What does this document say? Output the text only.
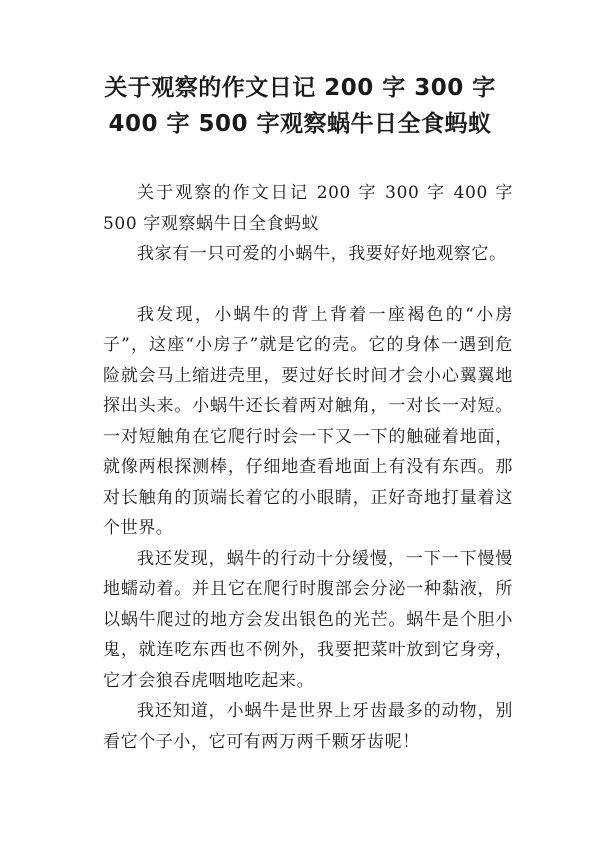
关于观察的作文日记 200 字 300 字
400 字 500 字观察蜗牛日全食蚂蚁

关于观察的作文日记 200 字 300 字 400 字 500 字观察蜗牛日全食蚂蚁

我家有一只可爱的小蜗牛，我要好好地观察它。

我发现，小蜗牛的背上背着一座褐色的“小房子”，这座“小房子”就是它的壳。它的身体一遇到危险就会马上缩进壳里，要过好长时间才会小心翼翼地探出头来。小蜗牛还长着两对触角，一对长一对短。一对短触角在它爬行时会一下又一下的触碰着地面，就像两根探测棒，仔细地查看地面上有没有东西。那对长触角的顶端长着它的小眼睛，正好奇地打量着这个世界。

我还发现，蜗牛的行动十分缓慢，一下一下慢慢地蠕动着。并且它在爬行时腹部会分泌一种黏液，所以蜗牛爬过的地方会发出银色的光芒。蜗牛是个胆小鬼，就连吃东西也不例外，我要把菜叶放到它身旁，它才会狼吞虎咽地吃起来。

我还知道，小蜗牛是世界上牙齿最多的动物，别看它个子小，它可有两万两千颗牙齿呢！
